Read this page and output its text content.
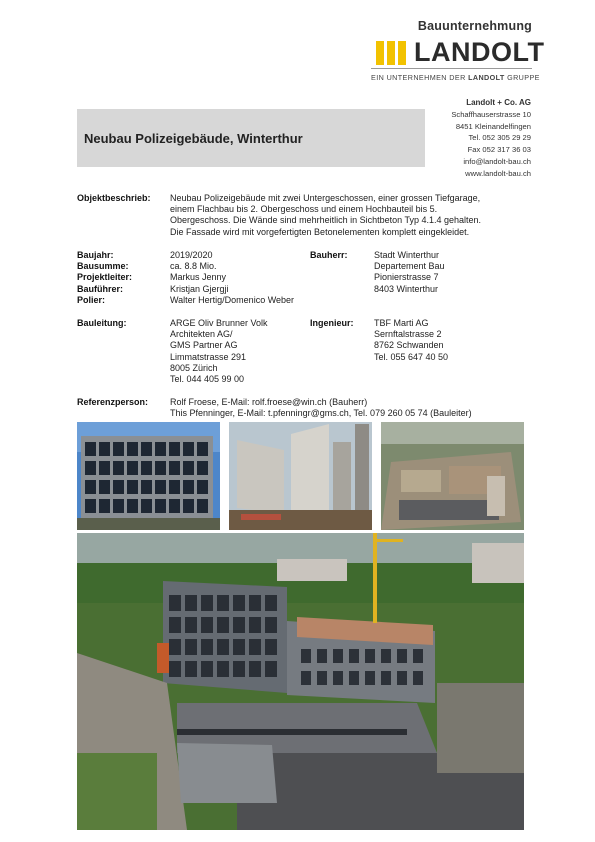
Bauunternehmung
LANDOLT
EIN UNTERNEHMEN DER LANDOLT GRUPPE
Neubau Polizeigebäude, Winterthur
Landolt + Co. AG
Schaffhauserstrasse 10
8451 Kleinandelfingen
Tel. 052 305 29 29
Fax 052 317 36 03
info@landolt-bau.ch
www.landolt-bau.ch
Objektbeschrieb: Neubau Polizeigebäude mit zwei Untergeschossen, einer grossen Tiefgarage,
einem Flachbau bis 2. Obergeschoss und einem Hochbauteil bis 5.
Obergeschoss. Die Wände sind mehrheitlich in Sichtbeton Typ 4.1.4 gehalten.
Die Fassade wird mit vorgefertigten Betonelementen komplett eingekleidet.
Baujahr:
Bausumme:
Projektleiter:
Bauführer:
Polier:
2019/2020
ca. 8.8 Mio.
Markus Jenny
Kristjan Gjergji
Walter Hertig/Domenico Weber
Bauherr:	Stadt Winterthur
Departement Bau
Pionierstrasse 7
8403 Winterthur
Bauleitung:	ARGE Oliv Brunner Volk
Architekten AG/
GMS Partner AG
Limmatstrasse 291
8005 Zürich
Tel. 044 405 99 00
Ingenieur: TBF Marti AG
Sernftalstrasse 2
8762 Schwanden
Tel. 055 647 40 50
Referenzperson: Rolf Froese, E-Mail: rolf.froese@win.ch (Bauherr)
This Pfenninger, E-Mail: t.pfenningr@gms.ch, Tel. 079 260 05 74 (Bauleiter)
